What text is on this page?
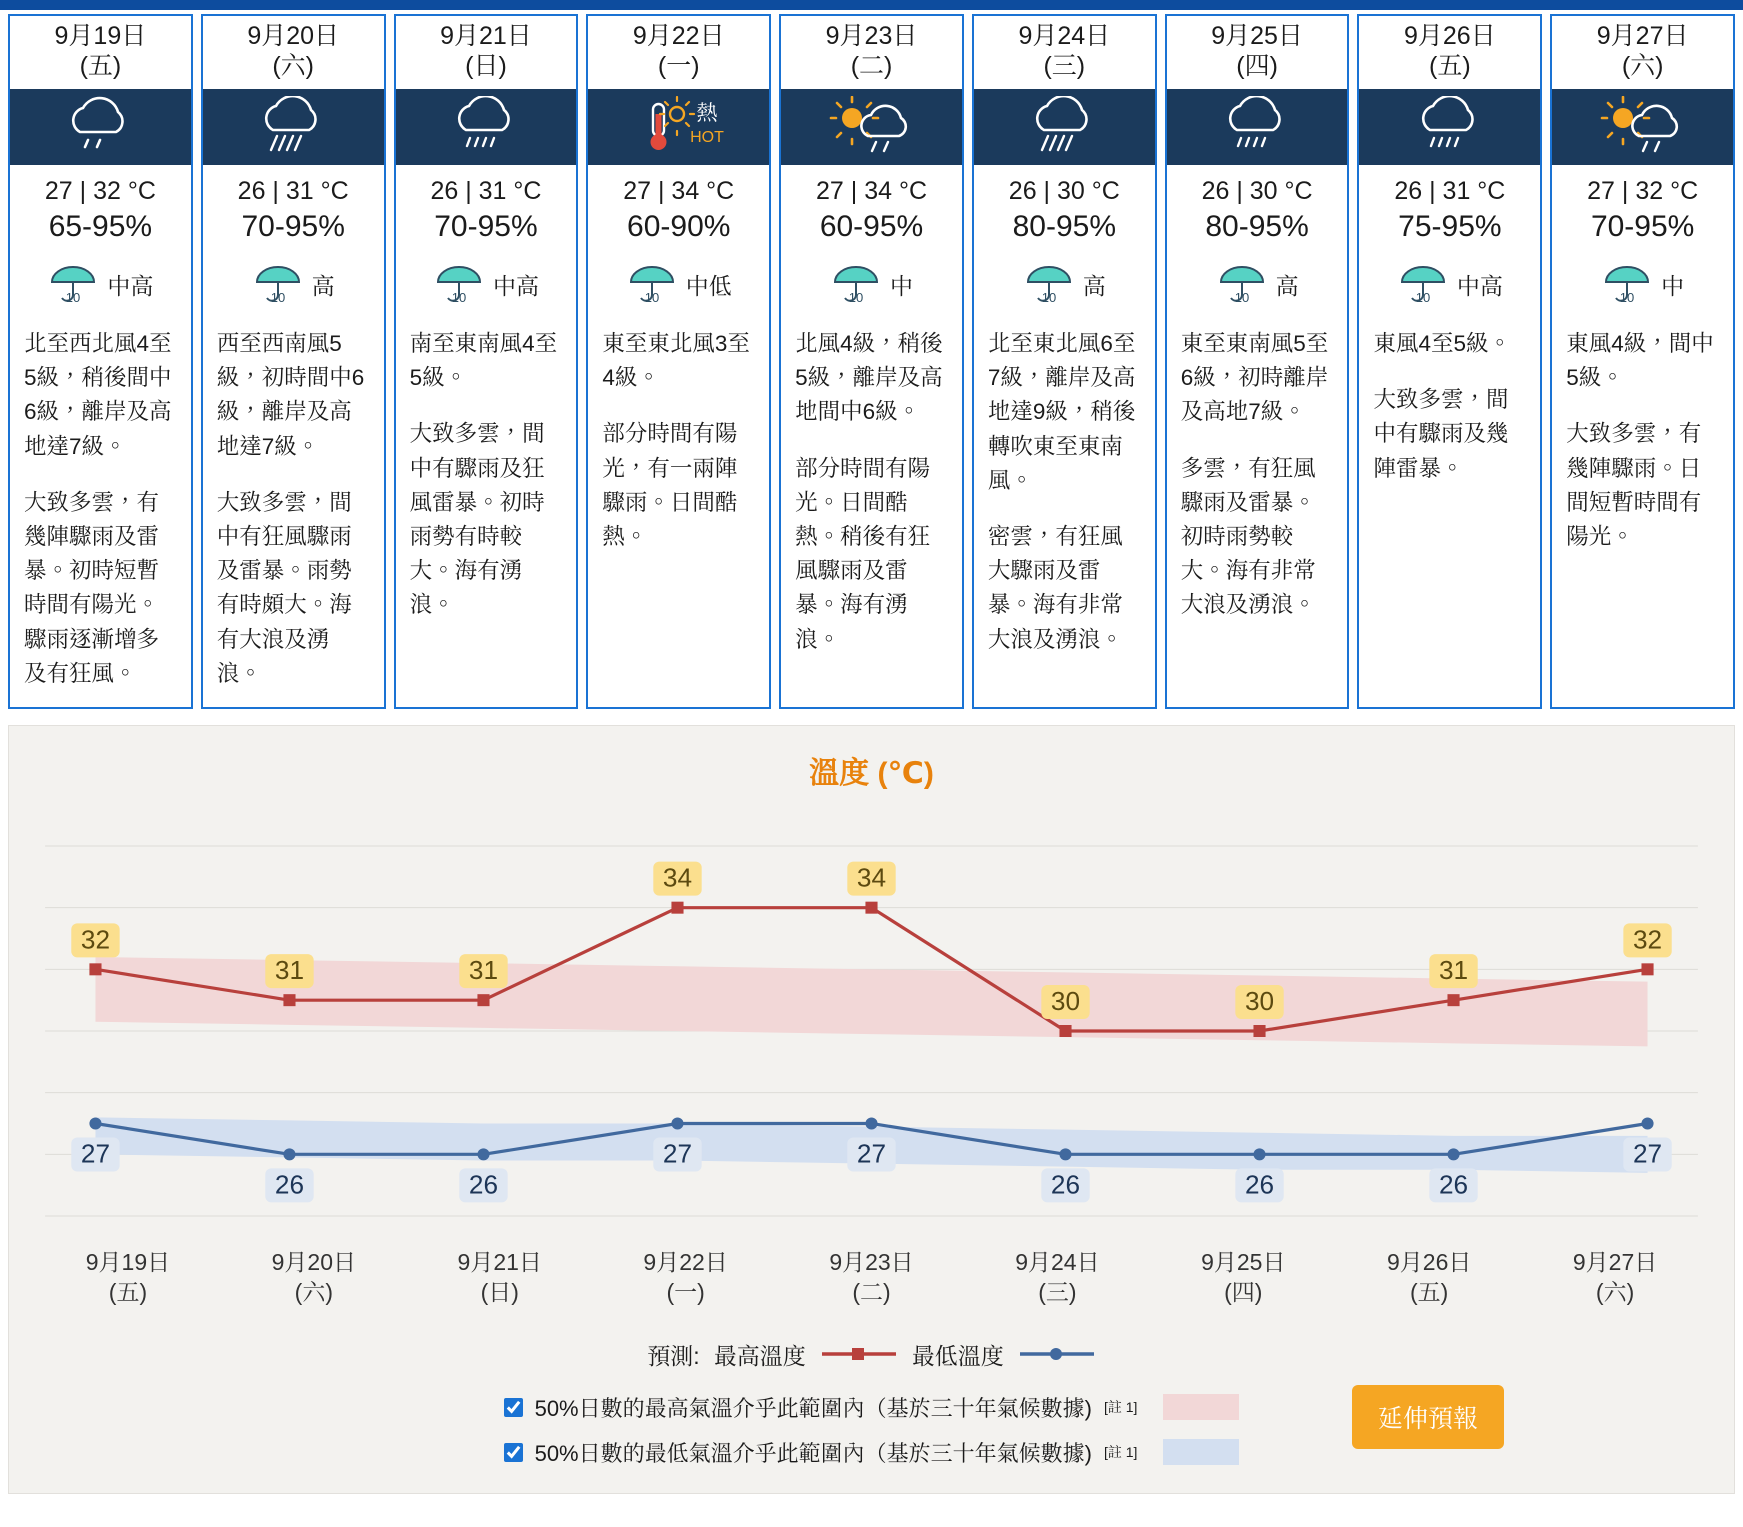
9月19日
(五)
27 | 32 °C
65-95%
10 中高

北至西北風4至5級，稍後間中6級，離岸及高地達7級。

大致多雲，有幾陣驟雨及雷暴。初時短暫時間有陽光。驟雨逐漸增多及有狂風。

9月20日
(六)
26 | 31 °C
70-95%
10 高

西至西南風5級，初時間中6級，離岸及高地達7級。

大致多雲，間中有狂風驟雨及雷暴。雨勢有時頗大。海有大浪及湧浪。

9月21日
(日)
26 | 31 °C
70-95%
10 中高

南至東南風4至5級。

大致多雲，間中有驟雨及狂風雷暴。初時雨勢有時較大。海有湧浪。

9月22日
(一)
熱
HOT
27 | 34 °C
60-90%
10 中低

東至東北風3至4級。

部分時間有陽光，有一兩陣驟雨。日間酷熱。

9月23日
(二)
27 | 34 °C
60-95%
10 中

北風4級，稍後5級，離岸及高地間中6級。

部分時間有陽光。日間酷熱。稍後有狂風驟雨及雷暴。海有湧浪。

9月24日
(三)
26 | 30 °C
80-95%
10 高

北至東北風6至7級，離岸及高地達9級，稍後轉吹東至東南風。

密雲，有狂風大驟雨及雷暴。海有非常大浪及湧浪。

9月25日
(四)
26 | 30 °C
80-95%
10 高

東至東南風5至6級，初時離岸及高地7級。

多雲，有狂風驟雨及雷暴。初時雨勢較大。海有非常大浪及湧浪。

9月26日
(五)
26 | 31 °C
75-95%
10 中高

東風4至5級。

大致多雲，間中有驟雨及幾陣雷暴。

9月27日
(六)
27 | 32 °C
70-95%
10 中

東風4級，間中5級。

大致多雲，有幾陣驟雨。日間短暫時間有陽光。

溫度 (℃)
32
31	31
34	34
30	30
31
32
27
26	26
27	27
26	26	26
27
9月19日
(五)
9月20日
(六)
9月21日
(日)
9月22日
(一)
9月23日
(二)
9月24日
(三)
9月25日
(四)
9月26日
(五)
9月27日
(六)
預測: 最高溫度	最低溫度
50%日數的最高氣溫介乎此範圍內（基於三十年氣候數據) [註 1]
50%日數的最低氣溫介乎此範圍內（基於三十年氣候數據) [註 1]
延伸預報
